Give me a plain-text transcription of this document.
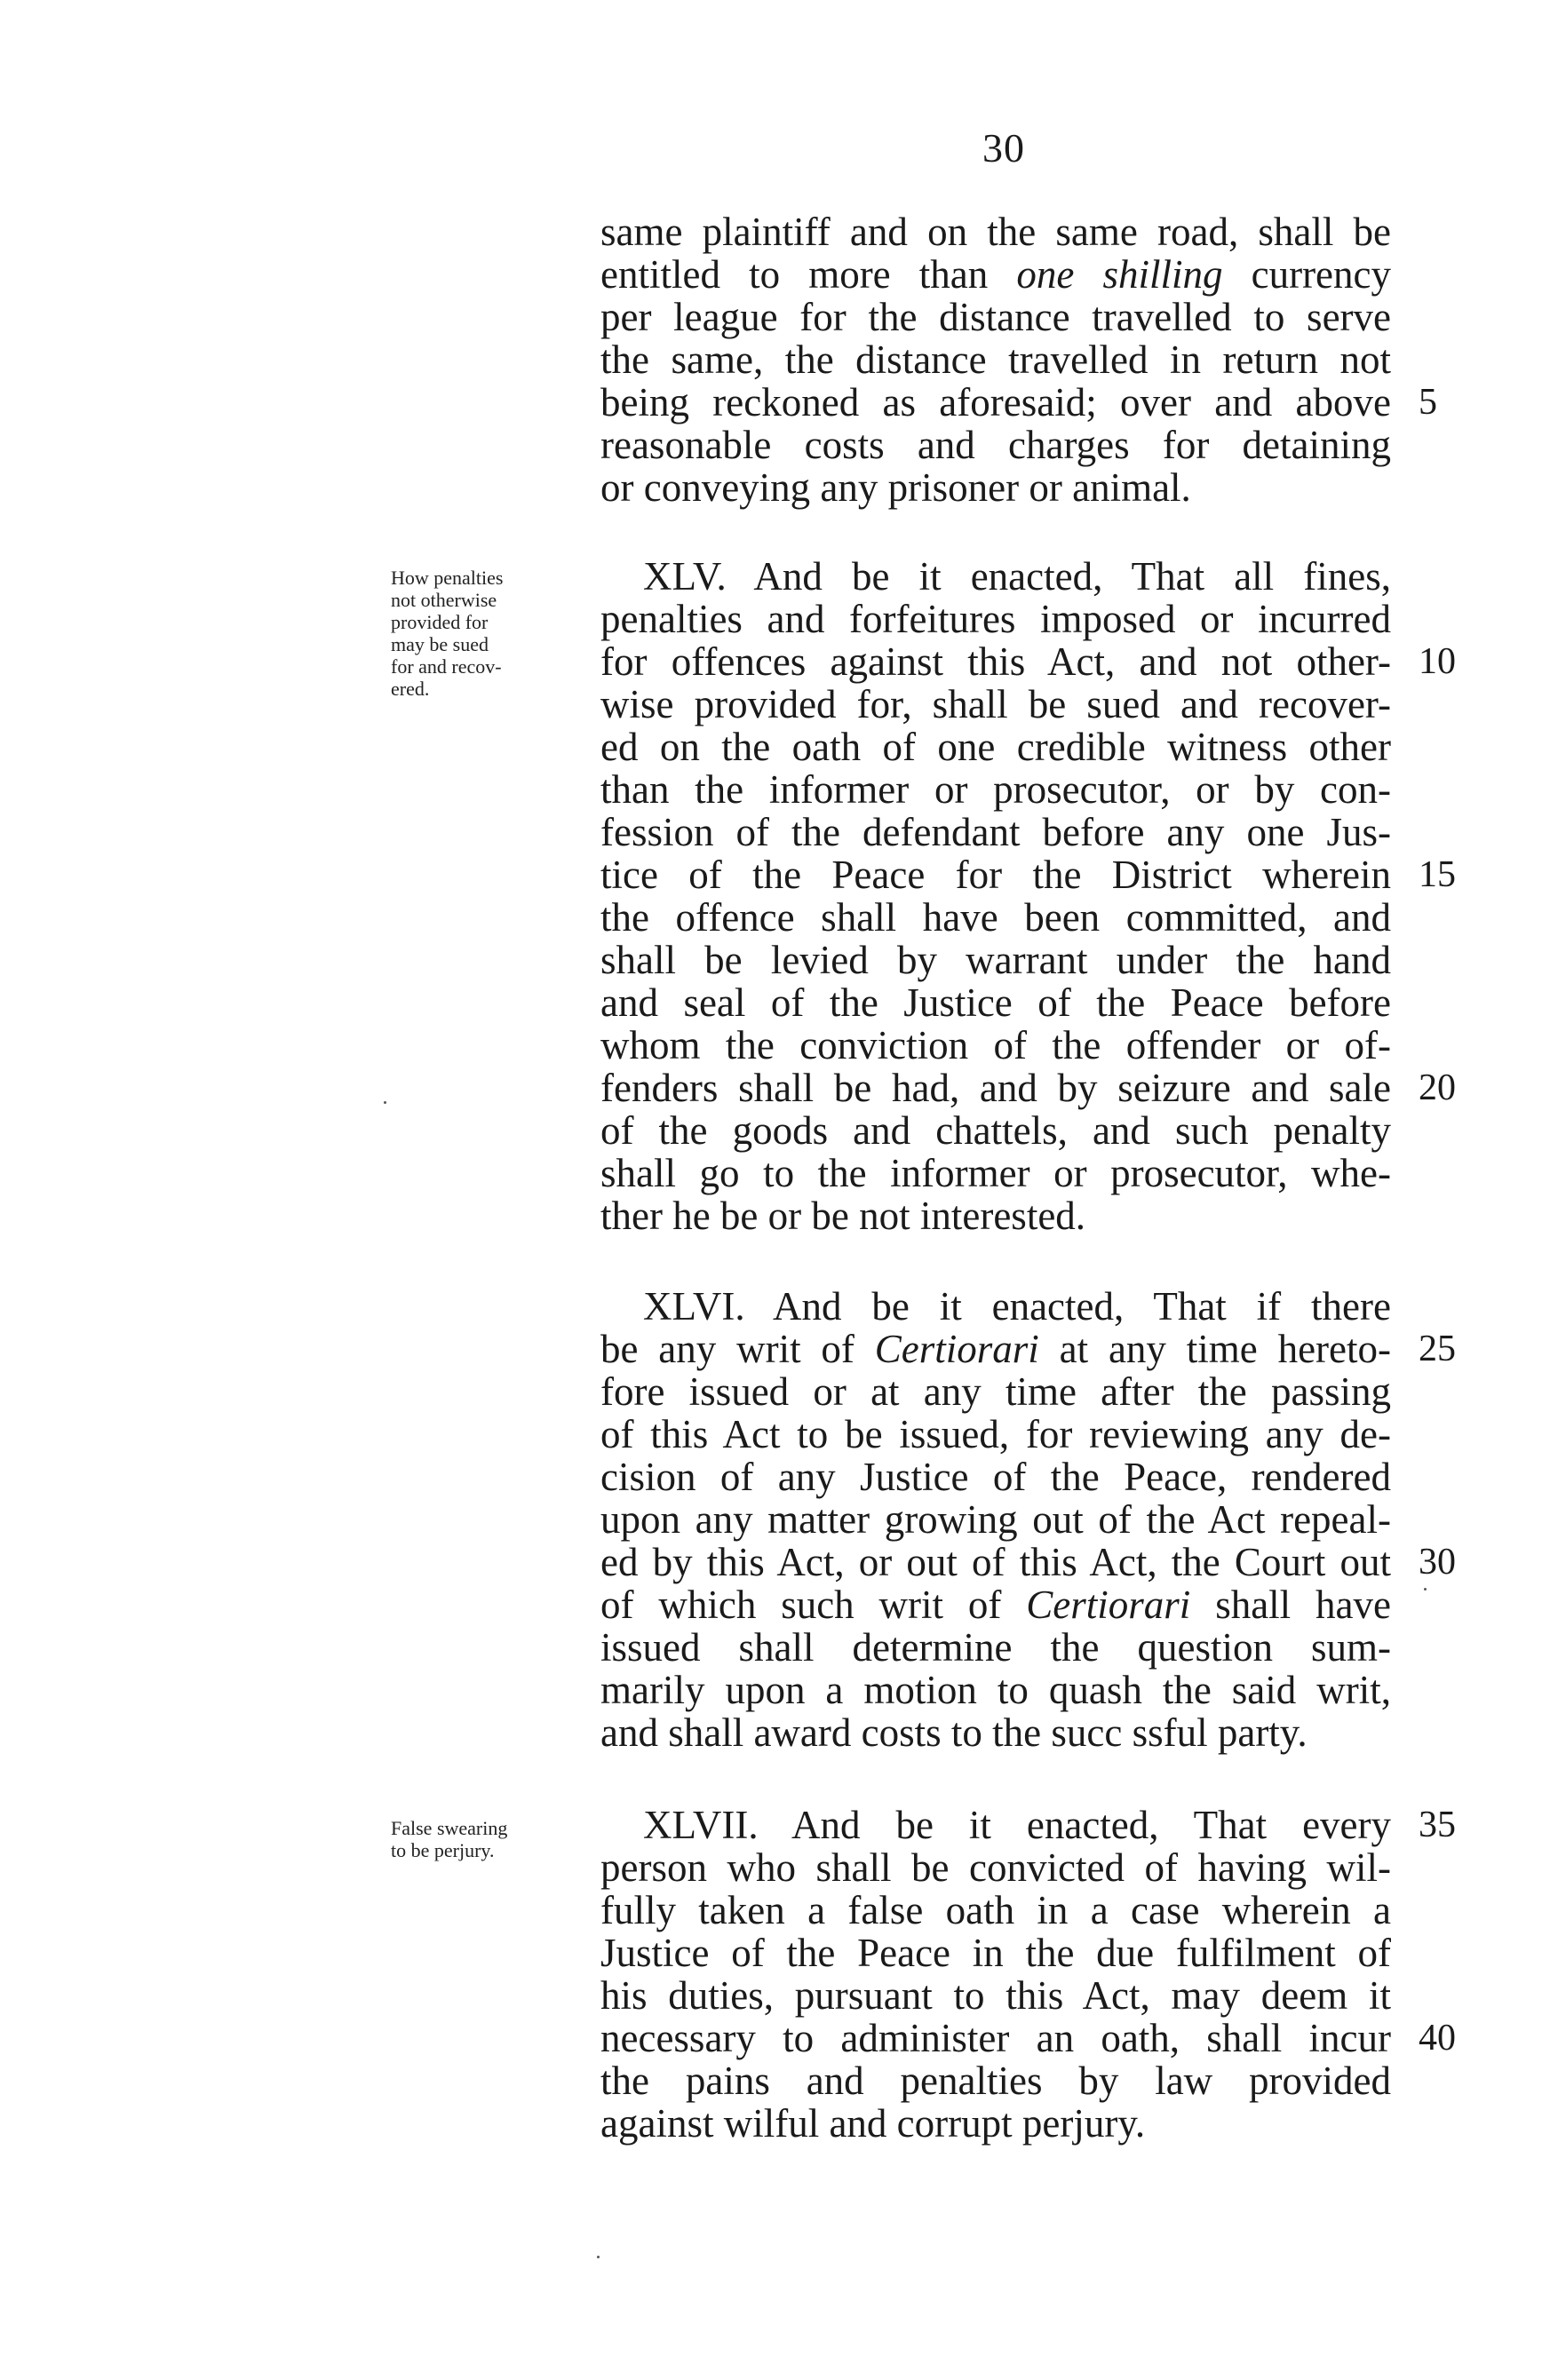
30
How penalties
not otherwise
provided for
may be sued
for and recov-
ered.
False swearing
to be perjury.
same plaintiff and on the same road, shall be
entitled to more than one shilling currency
per league for the distance travelled to serve
the same, the distance travelled in return not
being reckoned as aforesaid; over and above
reasonable costs and charges for detaining
or conveying any prisoner or animal.
XLV. And be it enacted, That all fines,
penalties and forfeitures imposed or incurred
for offences against this Act, and not other-
wise provided for, shall be sued and recover-
ed on the oath of one credible witness other
than the informer or prosecutor, or by con-
fession of the defendant before any one Jus-
tice of the Peace for the District wherein
the offence shall have been committed, and
shall be levied by warrant under the hand
and seal of the Justice of the Peace before
whom the conviction of the offender or of-
fenders shall be had, and by seizure and sale
of the goods and chattels, and such penalty
shall go to the informer or prosecutor, whe-
ther he be or be not interested.
XLVI. And be it enacted, That if there
be any writ of Certiorari at any time hereto-
fore issued or at any time after the passing
of this Act to be issued, for reviewing any de-
cision of any Justice of the Peace, rendered
upon any matter growing out of the Act repeal-
ed by this Act, or out of this Act, the Court out
of which such writ of Certiorari shall have
issued shall determine the question sum-
marily upon a motion to quash the said writ,
and shall award costs to the succ ssful party.
XLVII. And be it enacted, That every
person who shall be convicted of having wil-
fully taken a false oath in a case wherein a
Justice of the Peace in the due fulfilment of
his duties, pursuant to this Act, may deem it
necessary to administer an oath, shall incur
the pains and penalties by law provided
against wilful and corrupt perjury.
5
10
15
20
25
30
35
40
